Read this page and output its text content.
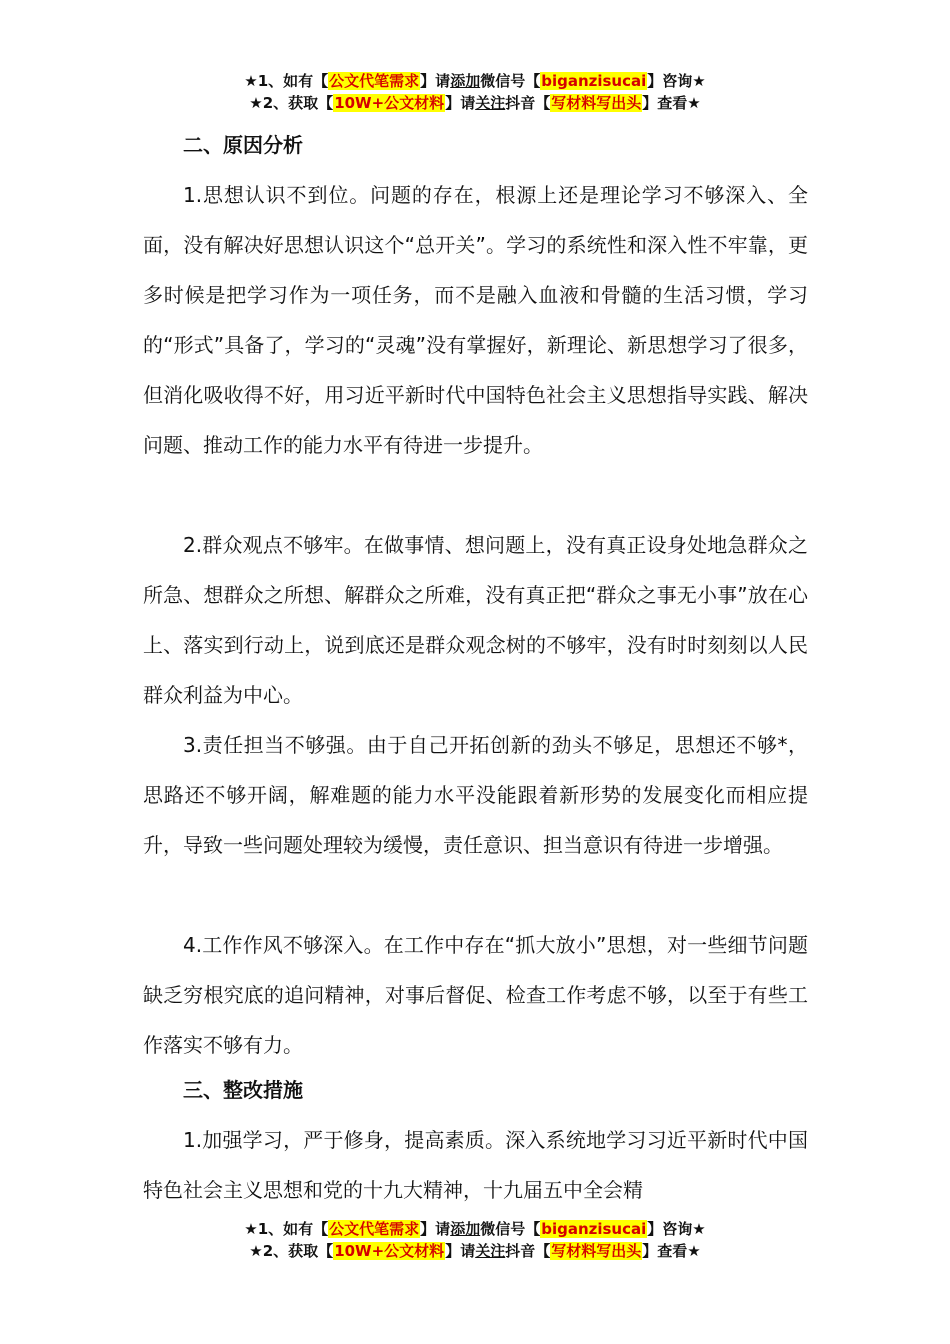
★1、如有【公文代笔需求】请添加微信号【biganzisucai】咨询★
★2、获取【10W+公文材料】请关注抖音【写材料写出头】查看★
二、原因分析
1.思想认识不到位。问题的存在，根源上还是理论学习不够深入、全面，没有解决好思想认识这个“总开关”。学习的系统性和深入性不牢靠，更多时候是把学习作为一项任务，而不是融入血液和骨髓的生活习惯，学习的“形式”具备了，学习的“灵魂”没有掌握好，新理论、新思想学习了很多，但消化吸收得不好，用习近平新时代中国特色社会主义思想指导实践、解决问题、推动工作的能力水平有待进一步提升。
2.群众观点不够牢。在做事情、想问题上，没有真正设身处地急群众之所急、想群众之所想、解群众之所难，没有真正把“群众之事无小事”放在心上、落实到行动上，说到底还是群众观念树的不够牢，没有时时刻刻以人民群众利益为中心。
3.责任担当不够强。由于自己开拓创新的劲头不够足，思想还不够*，思路还不够开阔，解难题的能力水平没能跟着新形势的发展变化而相应提升，导致一些问题处理较为缓慢，责任意识、担当意识有待进一步增强。
4.工作作风不够深入。在工作中存在“抓大放小”思想，对一些细节问题缺乏穷根究底的追问精神，对事后督促、检查工作考虑不够，以至于有些工作落实不够有力。
三、整改措施
1.加强学习，严于修身，提高素质。深入系统地学习习近平新时代中国特色社会主义思想和党的十九大精神，十九届五中全会精
★1、如有【公文代笔需求】请添加微信号【biganzisucai】咨询★
★2、获取【10W+公文材料】请关注抖音【写材料写出头】查看★
